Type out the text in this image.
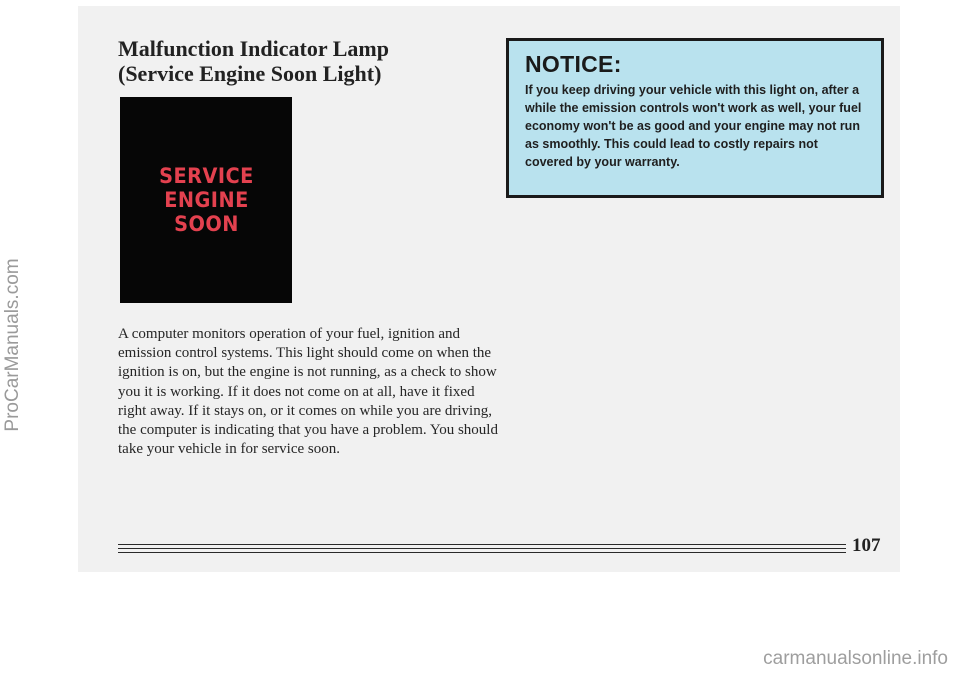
Malfunction Indicator Lamp
(Service Engine Soon Light)
SERVICE
ENGINE
SOON

A computer monitors operation of your fuel, ignition and emission control systems. This light should come on when the ignition is on, but the engine is not running, as a check to show you it is working. If it does not come on at all, have it fixed right away. If it stays on, or it comes on while you are driving, the computer is indicating that you have a problem. You should take your vehicle in for service soon.

NOTICE:

If you keep driving your vehicle with this light on, after a while the emission controls won't work as well, your fuel economy won't be as good and your engine may not run as smoothly. This could lead to costly repairs not covered by your warranty.

107
ProCarManuals.com
carmanualsonline.info
